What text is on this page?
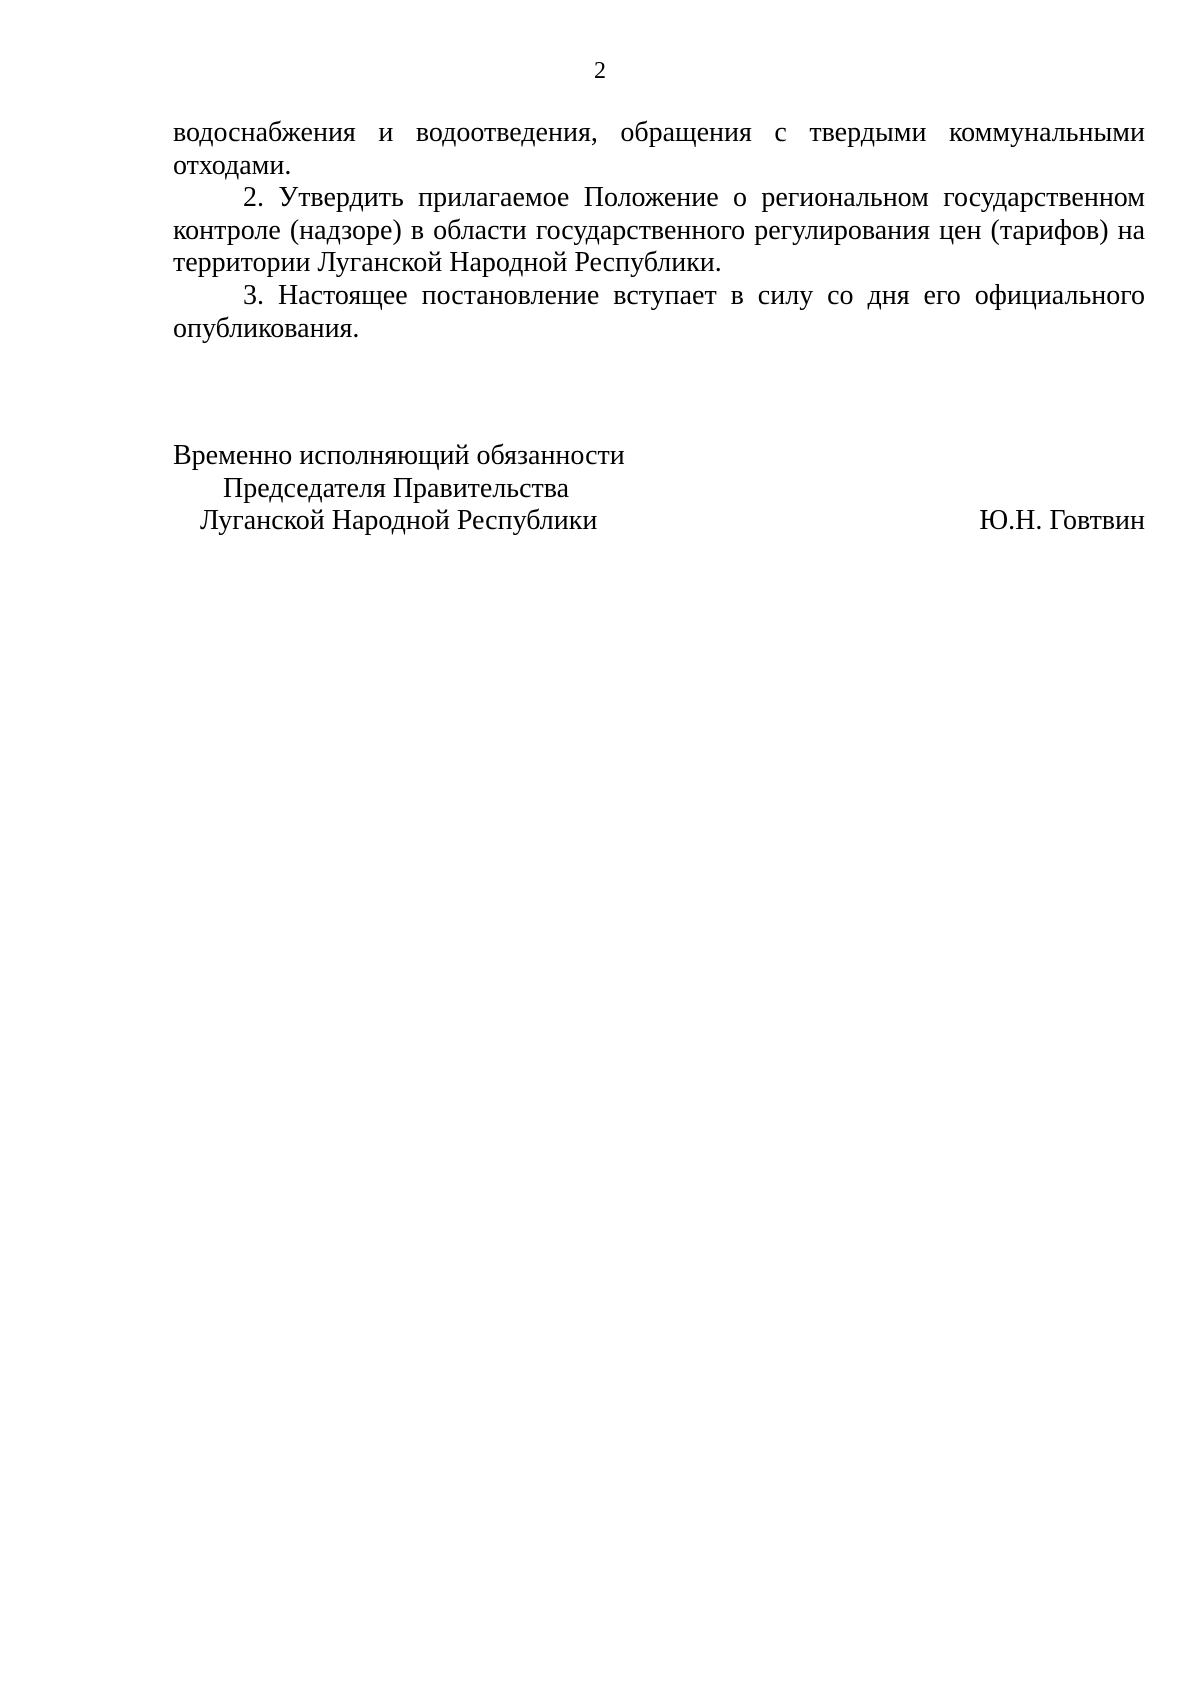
2

водоснабжения и водоотведения, обращения с твердыми коммунальными отходами.

2. Утвердить прилагаемое Положение о региональном государственном контроле (надзоре) в области государственного регулирования цен (тарифов) на территории Луганской Народной Республики.

3. Настоящее постановление вступает в силу со дня его официального опубликования.

Временно исполняющий обязанности
Председателя Правительства
Луганской Народной Республики	Ю.Н. Говтвин
